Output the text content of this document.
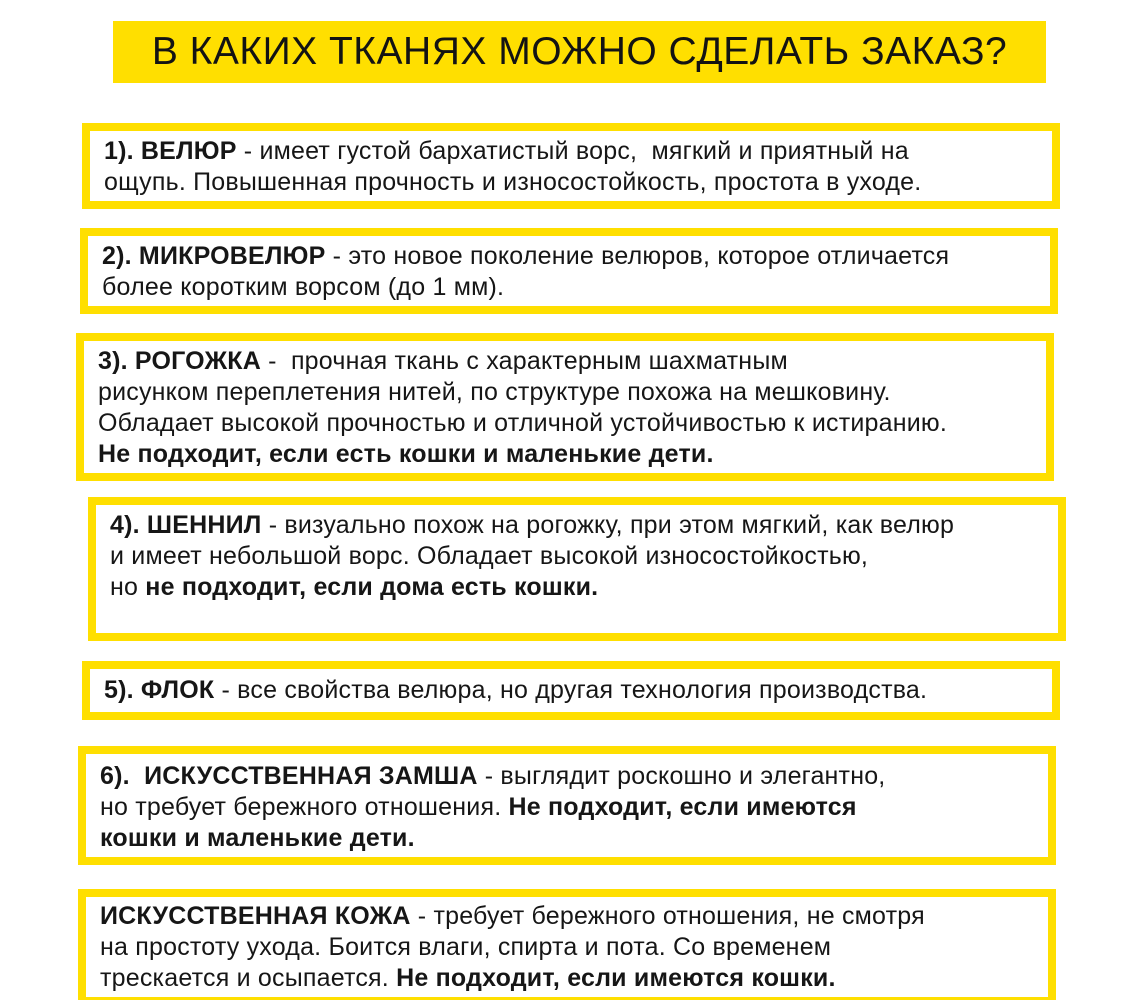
В КАКИХ ТКАНЯХ МОЖНО СДЕЛАТЬ ЗАКАЗ?
1). ВЕЛЮР - имеет густой бархатистый ворс,  мягкий и приятный на
ощупь. Повышенная прочность и износостойкость, простота в уходе.
2). МИКРОВЕЛЮР - это новое поколение велюров, которое отличается
более коротким ворсом (до 1 мм).
3). РОГОЖКА -  прочная ткань с характерным шахматным
рисунком переплетения нитей, по структуре похожа на мешковину.
Обладает высокой прочностью и отличной устойчивостью к истиранию.
Не подходит, если есть кошки и маленькие дети.
4). ШЕННИЛ - визуально похож на рогожку, при этом мягкий, как велюр
и имеет небольшой ворс. Обладает высокой износостойкостью,
но не подходит, если дома есть кошки.
5). ФЛОК - все свойства велюра, но другая технология производства.
6).  ИСКУССТВЕННАЯ ЗАМША - выглядит роскошно и элегантно,
но требует бережного отношения. Не подходит, если имеются
кошки и маленькие дети.
ИСКУССТВЕННАЯ КОЖА - требует бережного отношения, не смотря
на простоту ухода. Боится влаги, спирта и пота. Со временем
трескается и осыпается. Не подходит, если имеются кошки.
